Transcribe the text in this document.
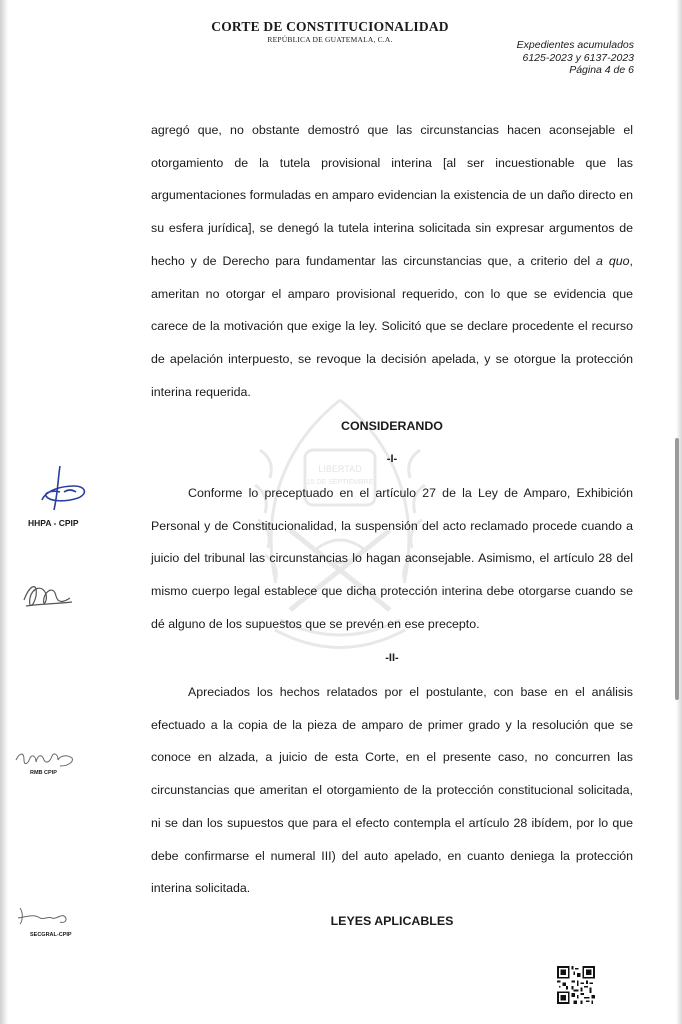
CORTE DE CONSTITUCIONALIDAD
REPÚBLICA DE GUATEMALA, C.A.	Expedientes acumulados
6125-2023 y 6137-2023
Página 4 de 6
LIBERTAD
15 DE SEPTIEMBRE

agregó que, no obstante demostró que las circunstancias hacen aconsejable el otorgamiento de la tutela provisional interina [al ser incuestionable que las argumentaciones formuladas en amparo evidencian la existencia de un daño directo en su esfera jurídica], se denegó la tutela interina solicitada sin expresar argumentos de hecho y de Derecho para fundamentar las circunstancias que, a criterio del a quo, ameritan no otorgar el amparo provisional requerido, con lo que se evidencia que carece de la motivación que exige la ley. Solicitó que se declare procedente el recurso de apelación interpuesto, se revoque la decisión apelada, y se otorgue la protección interina requerida.

CONSIDERANDO
-I-

Conforme lo preceptuado en el artículo 27 de la Ley de Amparo, Exhibición Personal y de Constitucionalidad, la suspensión del acto reclamado procede cuando a juicio del tribunal las circunstancias lo hagan aconsejable. Asimismo, el artículo 28 del mismo cuerpo legal establece que dicha protección interina debe otorgarse cuando se dé alguno de los supuestos que se prevén en ese precepto.

-II-

Apreciados los hechos relatados por el postulante, con base en el análisis efectuado a la copia de la pieza de amparo de primer grado y la resolución que se conoce en alzada, a juicio de esta Corte, en el presente caso, no concurren las circunstancias que ameritan el otorgamiento de la protección constitucional solicitada, ni se dan los supuestos que para el efecto contempla el artículo 28 ibídem, por lo que debe confirmarse el numeral III) del auto apelado, en cuanto deniega la protección interina solicitada.

LEYES APLICABLES
HHPA - CPIP
RMB CPIP
SECGRAL-CPIP
